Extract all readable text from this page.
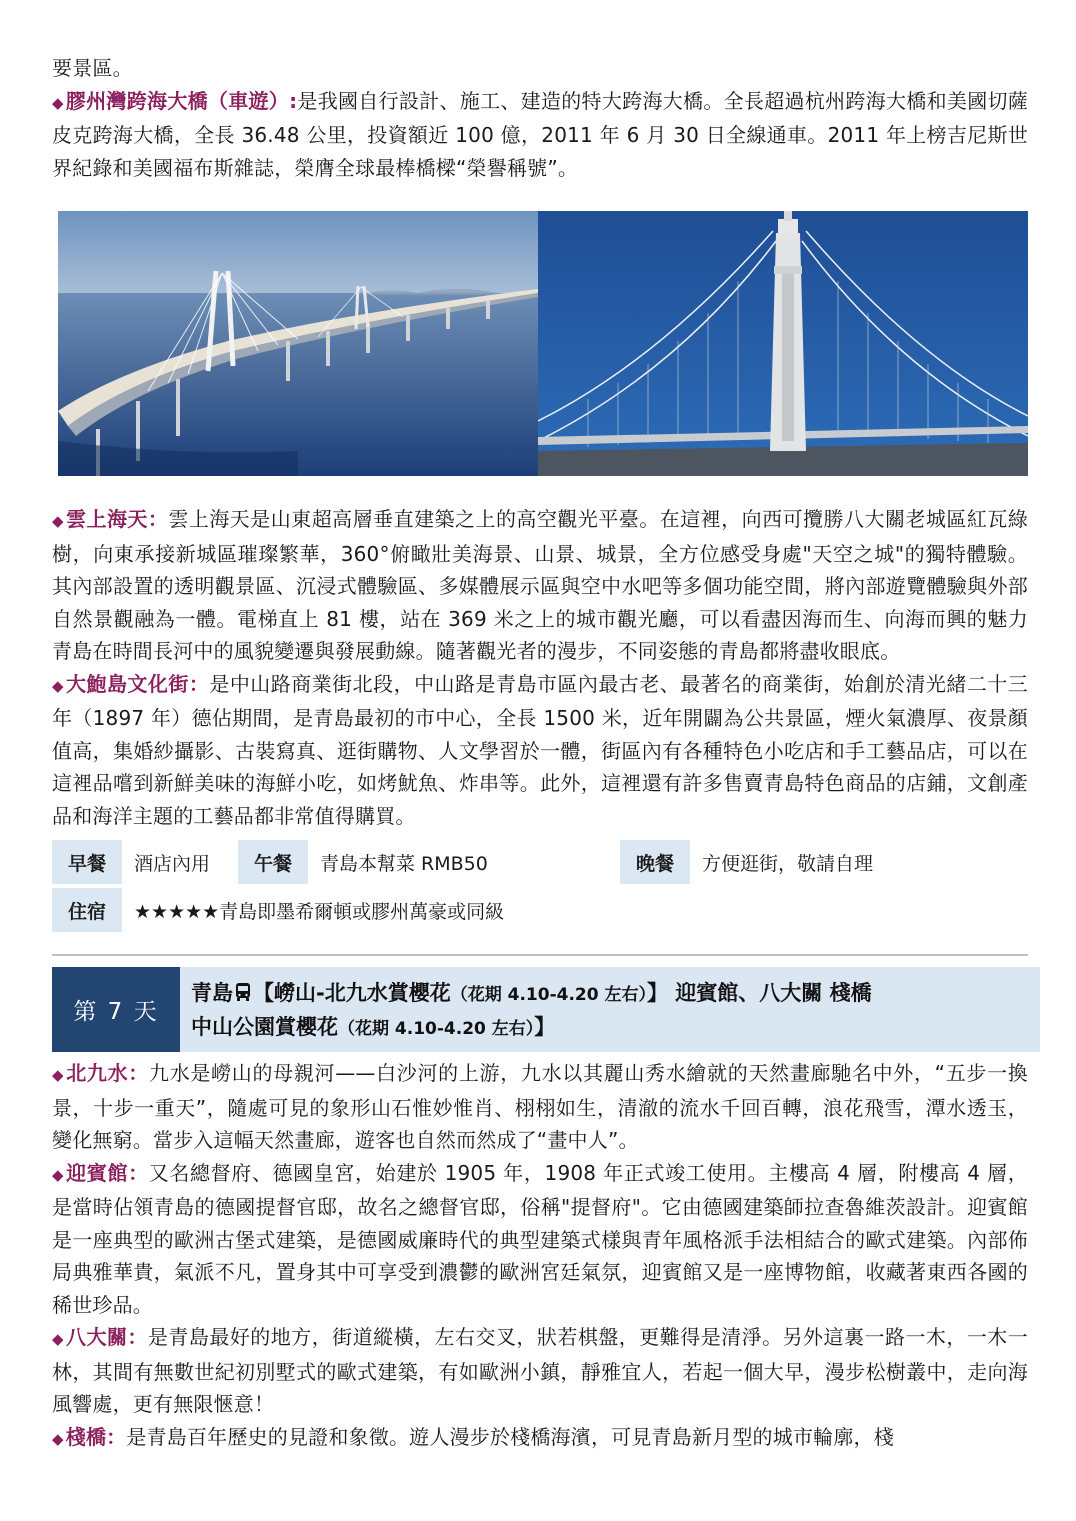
要景區。

◆ 膠州灣跨海大橋（車遊）:是我國自行設計、施工、建造的特大跨海大橋。全長超過杭州跨海大橋和美國切薩皮克跨海大橋，全長 36.48 公里，投資額近 100 億，2011 年 6 月 30 日全線通車。2011 年上榜吉尼斯世界紀錄和美國福布斯雜誌，榮膺全球最棒橋樑“榮譽稱號”。

◆ 雲上海天：雲上海天是山東超高層垂直建築之上的高空觀光平臺。在這裡，向西可攬勝八大關老城區紅瓦綠樹，向東承接新城區璀璨繁華，360°俯瞰壯美海景、山景、城景，全方位感受身處"天空之城"的獨特體驗。其內部設置的透明觀景區、沉浸式體驗區、多媒體展示區與空中水吧等多個功能空間，將內部遊覽體驗與外部自然景觀融為一體。電梯直上 81 樓，站在 369 米之上的城市觀光廳，可以看盡因海而生、向海而興的魅力青島在時間長河中的風貌變遷與發展動線。隨著觀光者的漫步，不同姿態的青島都將盡收眼底。

◆ 大鮑島文化街：是中山路商業街北段，中山路是青島市區內最古老、最著名的商業街，始創於清光緒二十三年（1897 年）德佔期間，是青島最初的市中心，全長 1500 米，近年開闢為公共景區，煙火氣濃厚、夜景顏值高，集婚紗攝影、古裝寫真、逛街購物、人文學習於一體，街區內有各種特色小吃店和手工藝品店，可以在這裡品嚐到新鮮美味的海鮮小吃，如烤魷魚、炸串等。此外，這裡還有許多售賣青島特色商品的店鋪，文創產品和海洋主題的工藝品都非常值得購買。

早餐	酒店內用	午餐	青島本幫菜 RMB50	晚餐	方便逛街，敬請自理
住宿	★★★★★青島即墨希爾頓或膠州萬豪或同級				
第 7 天
青島 【嶗山-北九水賞櫻花（花期 4.10-4.20 左右）】 迎賓館、八大關 棧橋
中山公園賞櫻花（花期 4.10-4.20 左右）】

◆ 北九水：九水是嶗山的母親河——白沙河的上游，九水以其麗山秀水繪就的天然畫廊馳名中外，“五步一換景，十步一重天”，隨處可見的象形山石惟妙惟肖、栩栩如生，清澈的流水千回百轉，浪花飛雪，潭水透玉，變化無窮。當步入這幅天然畫廊，遊客也自然而然成了“畫中人”。

◆ 迎賓館：又名總督府、德國皇宮，始建於 1905 年，1908 年正式竣工使用。主樓高 4 層，附樓高 4 層，是當時佔領青島的德國提督官邸，故名之總督官邸，俗稱"提督府"。它由德國建築師拉查魯維茨設計。迎賓館是一座典型的歐洲古堡式建築，是德國威廉時代的典型建築式樣與青年風格派手法相結合的歐式建築。內部佈局典雅華貴，氣派不凡，置身其中可享受到濃鬱的歐洲宮廷氣氛，迎賓館又是一座博物館，收藏著東西各國的稀世珍品。

◆ 八大關：是青島最好的地方，街道縱橫，左右交叉，狀若棋盤，更難得是清淨。另外這裏一路一木，一木一林，其間有無數世紀初別墅式的歐式建築，有如歐洲小鎮，靜雅宜人，若起一個大早，漫步松樹叢中，走向海風響處，更有無限愜意！

◆ 棧橋：是青島百年歷史的見證和象徵。遊人漫步於棧橋海濱，可見青島新月型的城市輪廓，棧
